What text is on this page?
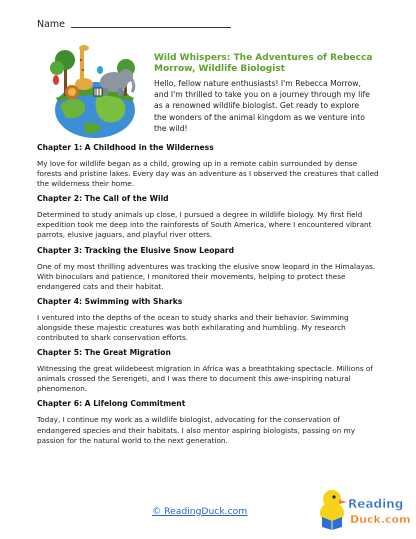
Name
Wild Whispers: The Adventures of Rebecca Morrow, Wildlife Biologist
Hello, fellow nature enthusiasts! I'm Rebecca Morrow, and I'm thrilled to take you on a journey through my life as a renowned wildlife biologist. Get ready to explore the wonders of the animal kingdom as we venture into the wild!
Chapter 1: A Childhood in the Wilderness
My love for wildlife began as a child, growing up in a remote cabin surrounded by dense forests and pristine lakes. Every day was an adventure as I observed the creatures that called the wilderness their home.
Chapter 2: The Call of the Wild
Determined to study animals up close, I pursued a degree in wildlife biology. My first field expedition took me deep into the rainforests of South America, where I encountered vibrant parrots, elusive jaguars, and playful river otters.
Chapter 3: Tracking the Elusive Snow Leopard
One of my most thrilling adventures was tracking the elusive snow leopard in the Himalayas. With binoculars and patience, I monitored their movements, helping to protect these endangered cats and their habitat.
Chapter 4: Swimming with Sharks
I ventured into the depths of the ocean to study sharks and their behavior. Swimming alongside these majestic creatures was both exhilarating and humbling. My research contributed to shark conservation efforts.
Chapter 5: The Great Migration
Witnessing the great wildebeest migration in Africa was a breathtaking spectacle. Millions of animals crossed the Serengeti, and I was there to document this awe-inspiring natural phenomenon.
Chapter 6: A Lifelong Commitment
Today, I continue my work as a wildlife biologist, advocating for the conservation of endangered species and their habitats. I also mentor aspiring biologists, passing on my passion for the natural world to the next generation.
© ReadingDuck.com
Reading
Duck.com
